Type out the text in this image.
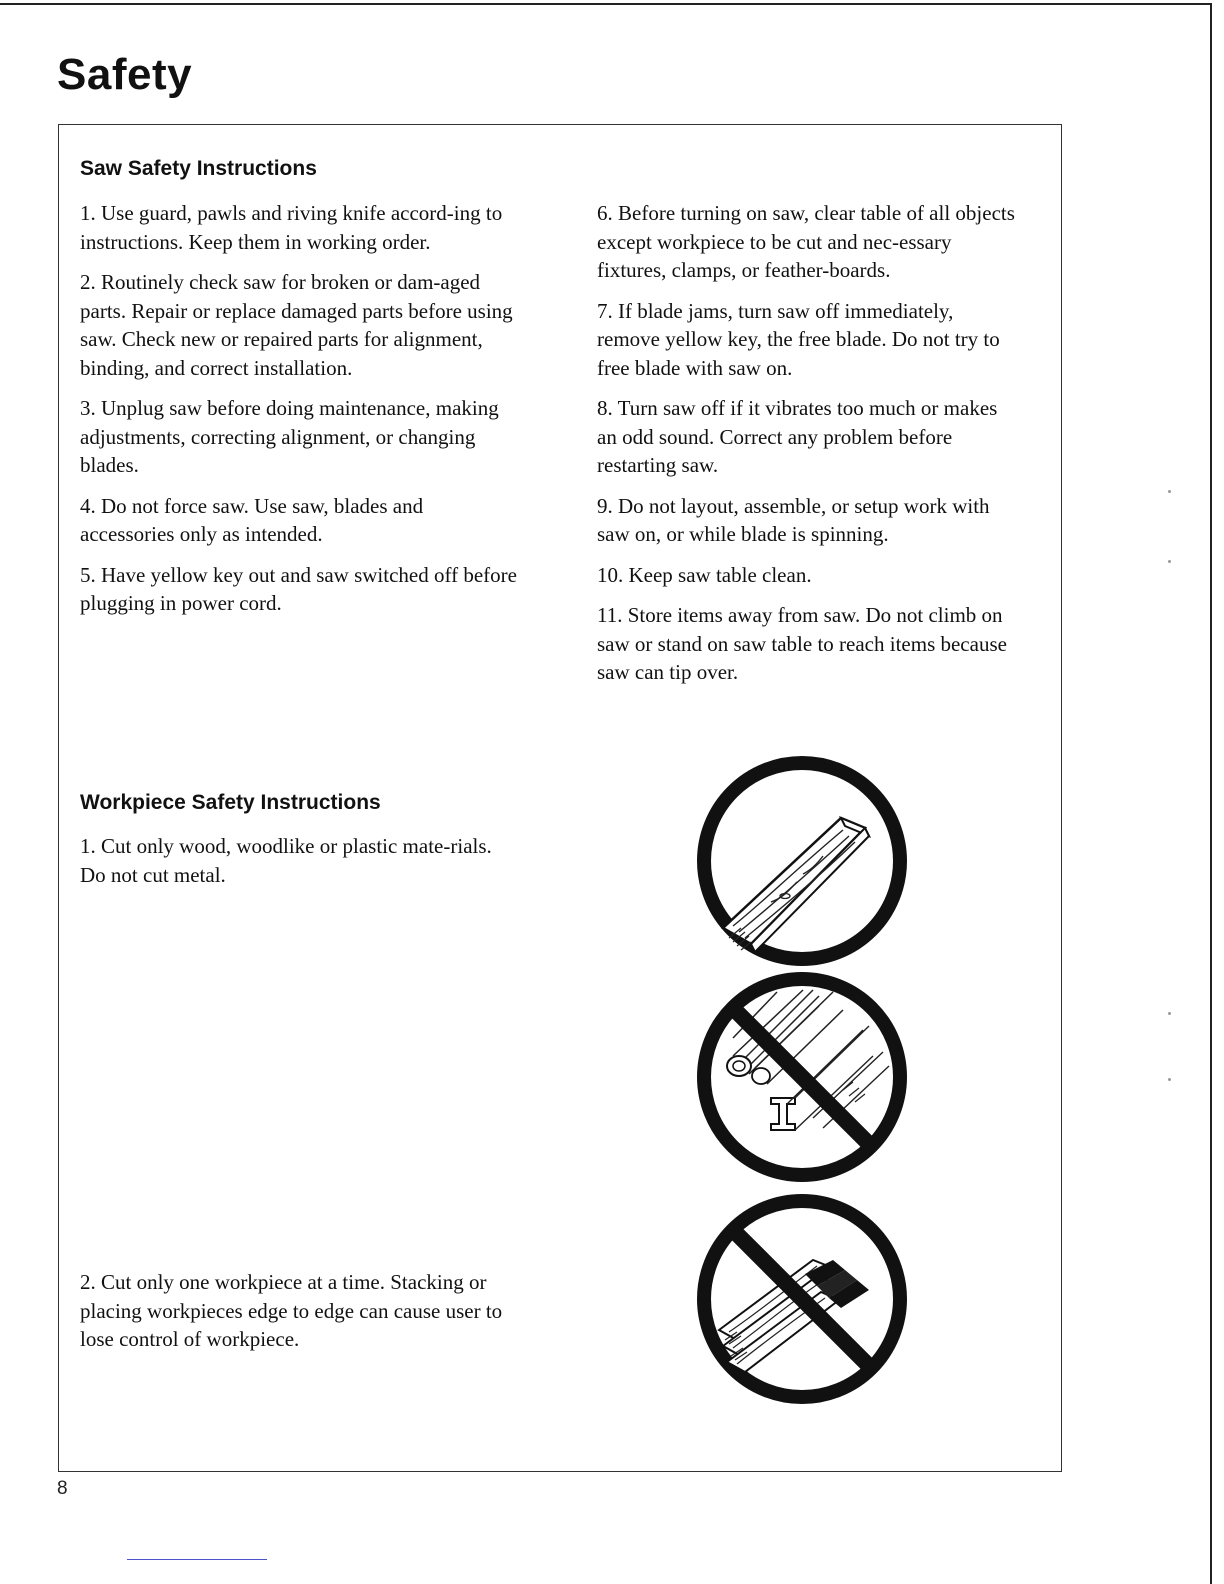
Safety
Saw Safety Instructions

1. Use guard, pawls and riving knife accord-ing to instructions. Keep them in working order.

2. Routinely check saw for broken or dam-aged parts. Repair or replace damaged parts before using saw. Check new or repaired parts for alignment, binding, and correct installation.

3. Unplug saw before doing maintenance, making adjustments, correcting alignment, or changing blades.

4. Do not force saw. Use saw, blades and accessories only as intended.

5. Have yellow key out and saw switched off before plugging in power cord.

6. Before turning on saw, clear table of all objects except workpiece to be cut and nec-essary fixtures, clamps, or feather-boards.

7. If blade jams, turn saw off immediately, remove yellow key, the free blade. Do not try to free blade with saw on.

8. Turn saw off if it vibrates too much or makes an odd sound. Correct any problem before restarting saw.

9. Do not layout, assemble, or setup work with saw on, or while blade is spinning.

10. Keep saw table clean.

11. Store items away from saw. Do not climb on saw or stand on saw table to reach items because saw can tip over.

Workpiece Safety Instructions

1. Cut only wood, woodlike or plastic mate-rials. Do not cut metal.

2. Cut only one workpiece at a time. Stacking or placing workpieces edge to edge can cause user to lose control of workpiece.

8
